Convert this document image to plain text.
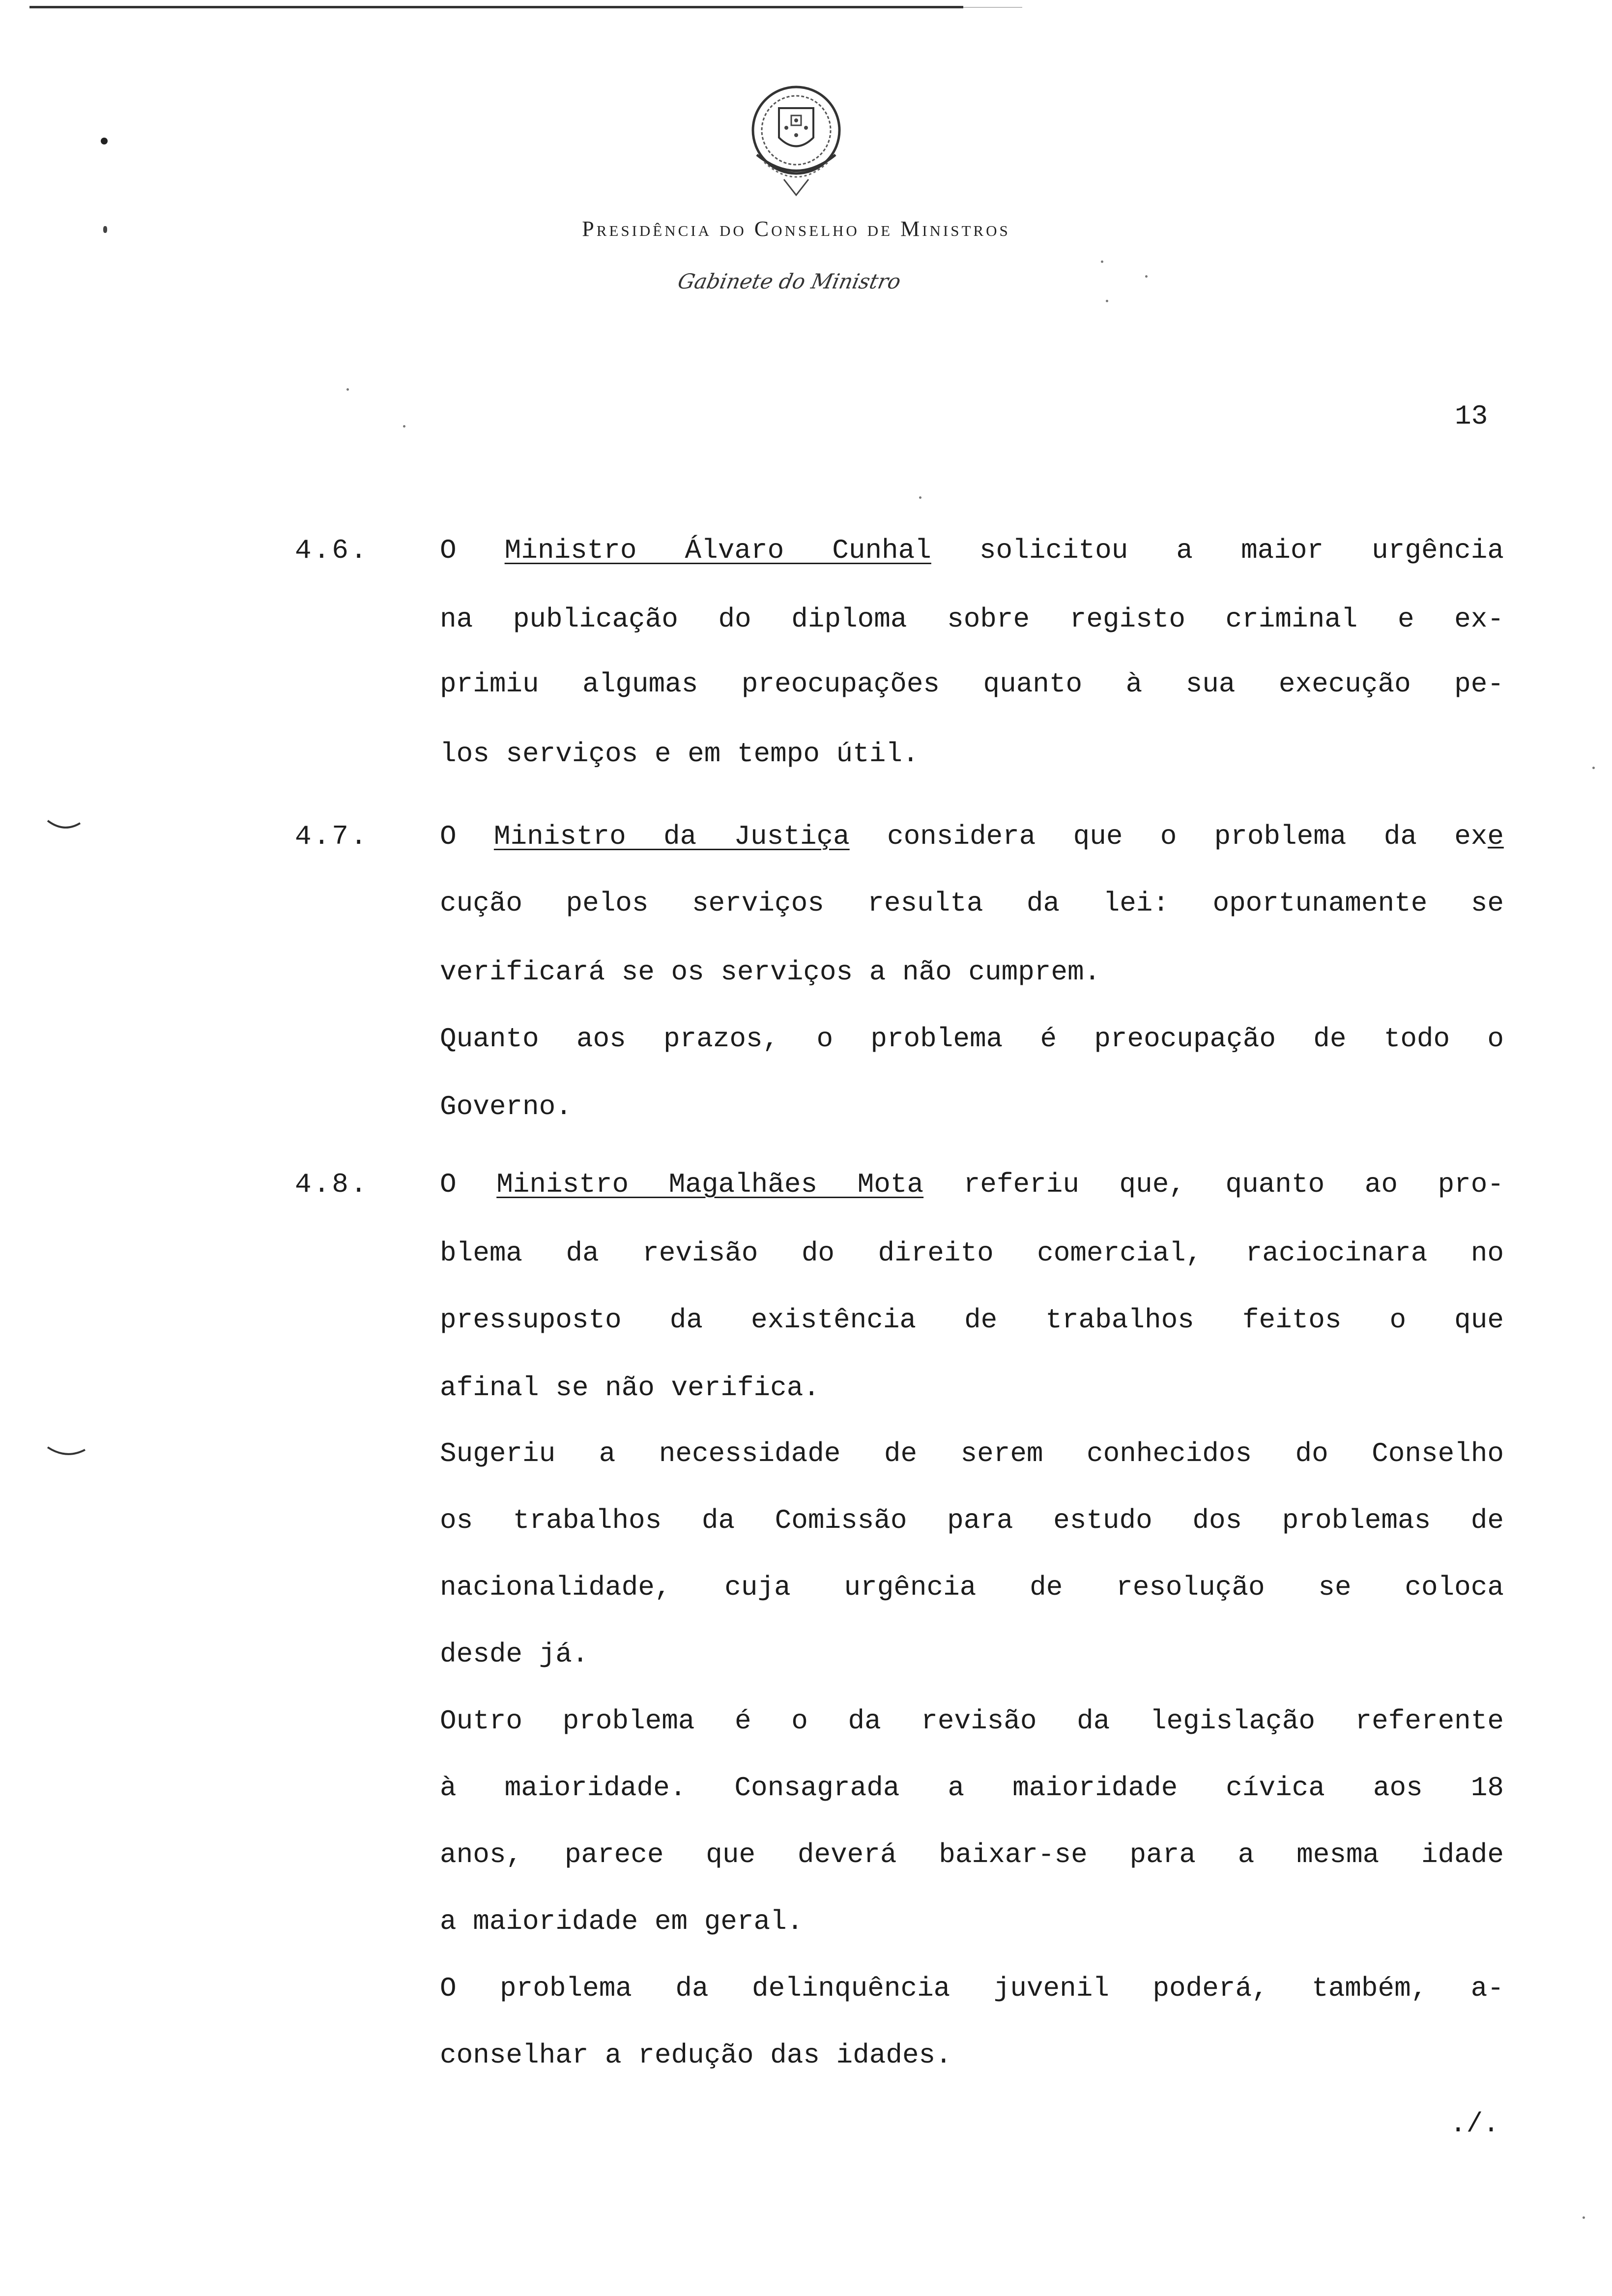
Presidência do Conselho de Ministros
Gabinete do Ministro
13
4.6.	O Ministro Álvaro Cunhal solicitou a maior urgência
na publicação do diploma sobre registo criminal e ex-
primiu algumas preocupações quanto à sua execução pe-
los serviços e em tempo útil.
4.7.	O Ministro da Justiça considera que o problema da exe̲
cução pelos serviços resulta da lei: oportunamente se
verificará se os serviços a não cumprem.
Quanto aos prazos, o problema é preocupação de todo o
Governo.
4.8.	O Ministro Magalhães Mota referiu que, quanto ao pro-
blema da revisão do direito comercial, raciocinara no
pressuposto da existência de trabalhos feitos o que
afinal se não verifica.
Sugeriu a necessidade de serem conhecidos do Conselho
os trabalhos da Comissão para estudo dos problemas de
nacionalidade, cuja urgência de resolução se coloca
desde já.
Outro problema é o da revisão da legislação referente
à maioridade. Consagrada a maioridade cívica aos 18
anos, parece que deverá baixar-se para a mesma idade
a maioridade em geral.
O problema da delinquência juvenil poderá, também, a-
conselhar a redução das idades.
./.
